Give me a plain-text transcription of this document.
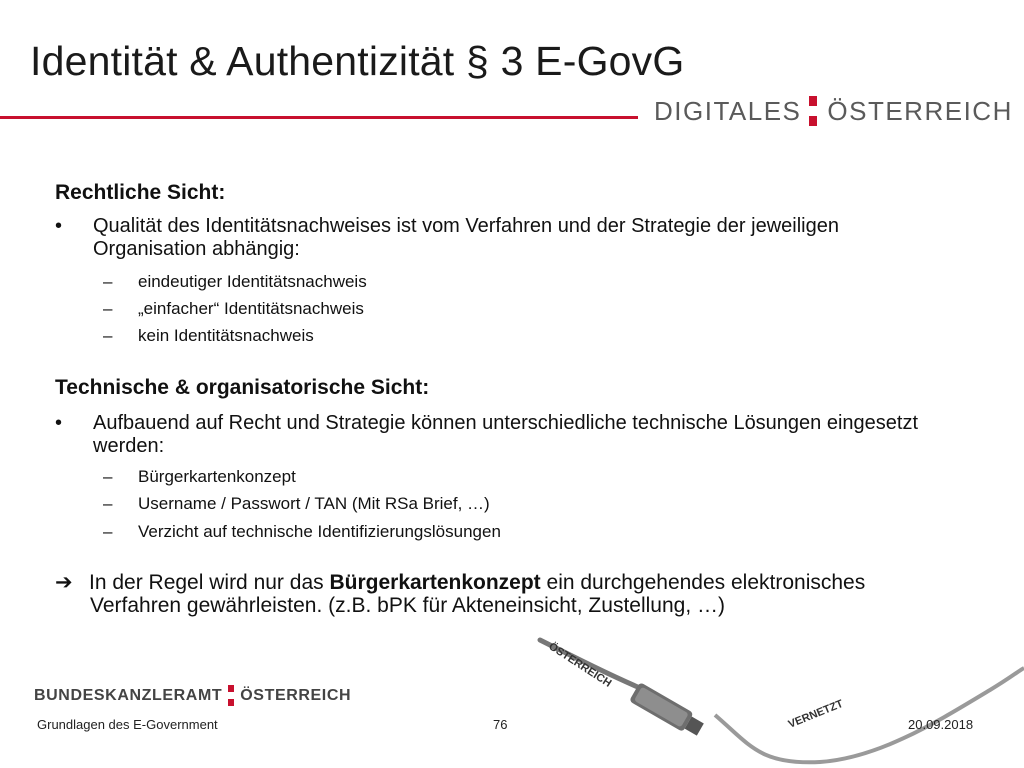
Identität & Authentizität § 3 E-GovG
DIGITALES ÖSTERREICH
Rechtliche Sicht:
•	Qualität des Identitätsnachweises ist vom Verfahren und der Strategie der jeweiligen Organisation abhängig:
– eindeutiger Identitätsnachweis
– „einfacher“ Identitätsnachweis
– kein Identitätsnachweis
Technische & organisatorische Sicht:
•	Aufbauend auf Recht und Strategie können unterschiedliche technische Lösungen eingesetzt werden:
– Bürgerkartenkonzept
– Username / Passwort / TAN (Mit RSa Brief, …)
– Verzicht auf technische Identifizierungslösungen
➔ In der Regel wird nur das Bürgerkartenkonzept ein durchgehendes elektronisches Verfahren gewährleisten. (z.B. bPK für Akteneinsicht, Zustellung, …)
ÖSTERREICH
VERNETZT
BUNDESKANZLERAMT ÖSTERREICH
Grundlagen des E-Government	76	20.09.2018
